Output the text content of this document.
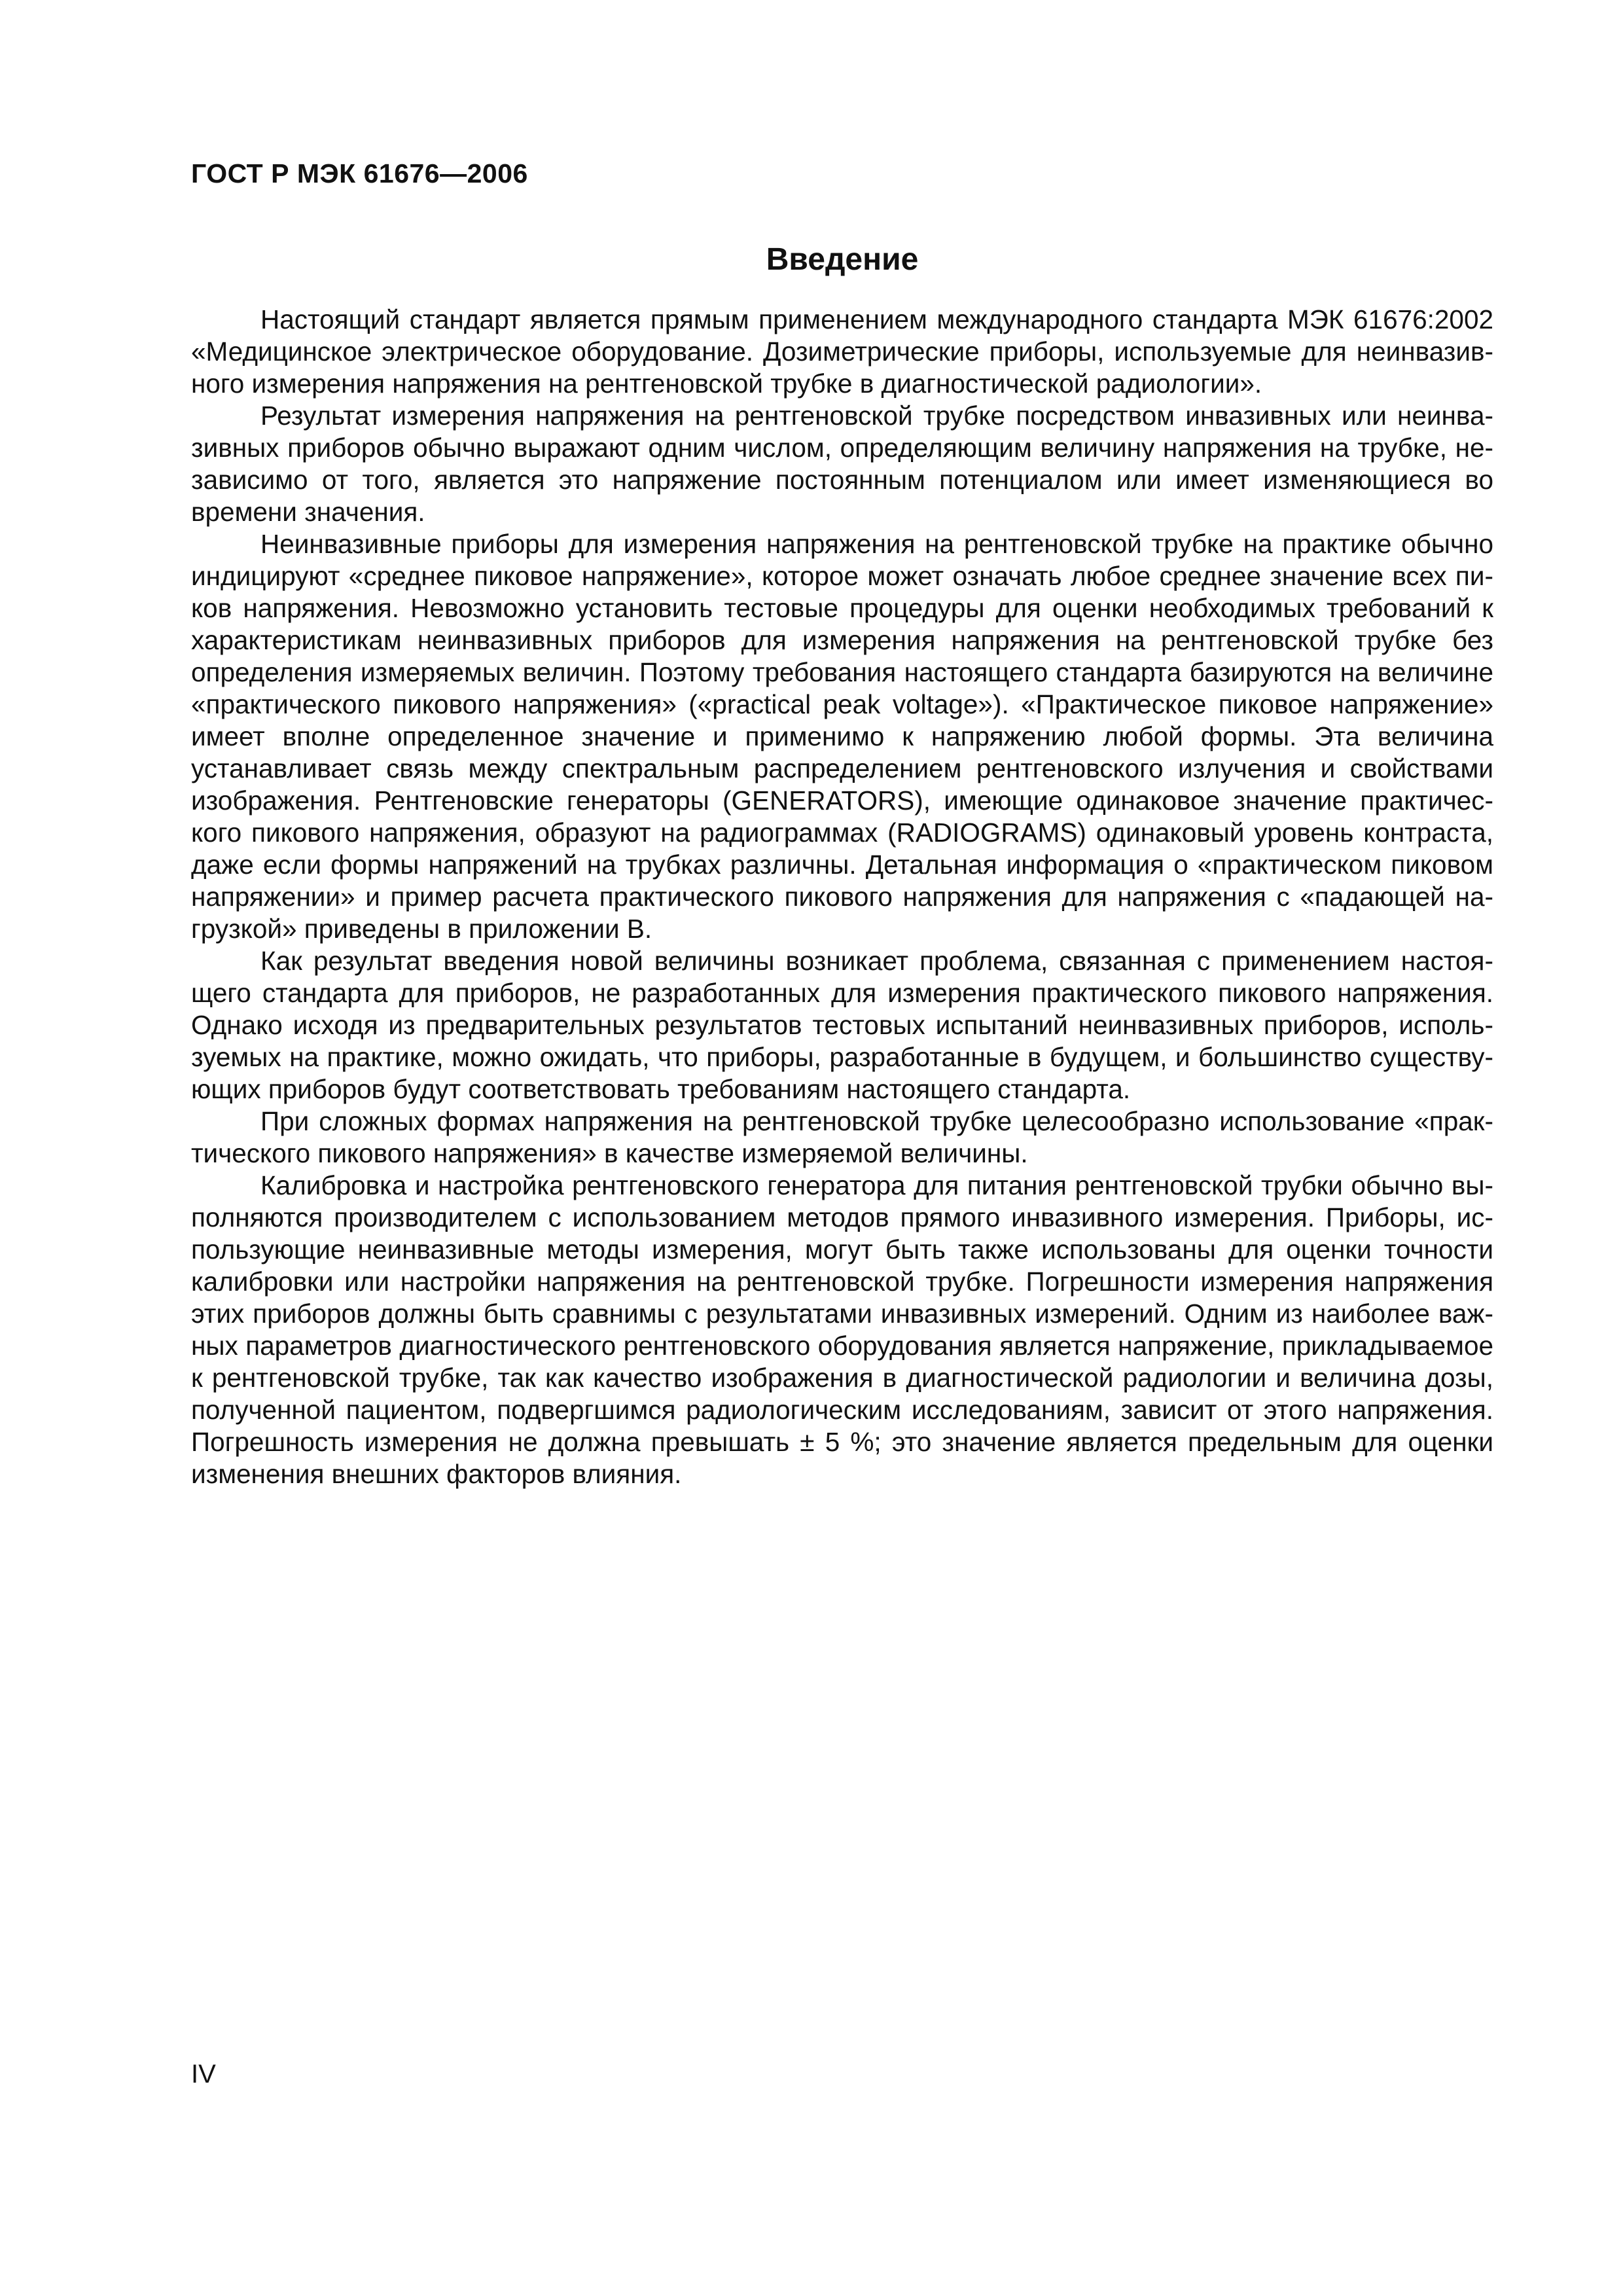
ГОСТ Р МЭК 61676—2006
Введение

Настоящий стандарт является прямым применением международного стандарта МЭК 61676:2002 «Медицинское электрическое оборудование. Дозиметрические приборы, используемые для неинвазивного измерения напряжения на рентгеновской трубке в диагностической радиологии».

Результат измерения напряжения на рентгеновской трубке посредством инвазивных или неинвазивных приборов обычно выражают одним числом, определяющим величину напряжения на трубке, независимо от того, является это напряжение постоянным потенциалом или имеет изменяющиеся во времени значения.

Неинвазивные приборы для измерения напряжения на рентгеновской трубке на практике обычно индицируют «среднее пиковое напряжение», которое может означать любое среднее значение всех пиков напряжения. Невозможно установить тестовые процедуры для оценки необходимых требований к характеристикам неинвазивных приборов для измерения напряжения на рентгеновской трубке без определения измеряемых величин. Поэтому требования настоящего стандарта базируются на величине «практического пикового напряжения» («practical peak voltage»). «Практическое пиковое напряжение» имеет вполне определенное значение и применимо к напряжению любой формы. Эта величина устанавливает связь между спектральным распределением рентгеновского излучения и свойствами изображения. Рентгеновские генераторы (GENERATORS), имеющие одинаковое значение практического пикового напряжения, образуют на радиограммах (RADIOGRAMS) одинаковый уровень контраста, даже если формы напряжений на трубках различны. Детальная информация о «практическом пиковом напряжении» и пример расчета практического пикового напряжения для напряжения с «падающей нагрузкой» приведены в приложении В.

Как результат введения новой величины возникает проблема, связанная с применением настоящего стандарта для приборов, не разработанных для измерения практического пикового напряжения. Однако исходя из предварительных результатов тестовых испытаний неинвазивных приборов, используемых на практике, можно ожидать, что приборы, разработанные в будущем, и большинство существующих приборов будут соответствовать требованиям настоящего стандарта.

При сложных формах напряжения на рентгеновской трубке целесообразно использование «практического пикового напряжения» в качестве измеряемой величины.

Калибровка и настройка рентгеновского генератора для питания рентгеновской трубки обычно выполняются производителем с использованием методов прямого инвазивного измерения. Приборы, использующие неинвазивные методы измерения, могут быть также использованы для оценки точности калибровки или настройки напряжения на рентгеновской трубке. Погрешности измерения напряжения этих приборов должны быть сравнимы с результатами инвазивных измерений. Одним из наиболее важных параметров диагностического рентгеновского оборудования является напряжение, прикладываемое к рентгеновской трубке, так как качество изображения в диагностической радиологии и величина дозы, полученной пациентом, подвергшимся радиологическим исследованиям, зависит от этого напряжения. Погрешность измерения не должна превышать ± 5 %; это значение является предельным для оценки изменения внешних факторов влияния.

IV
